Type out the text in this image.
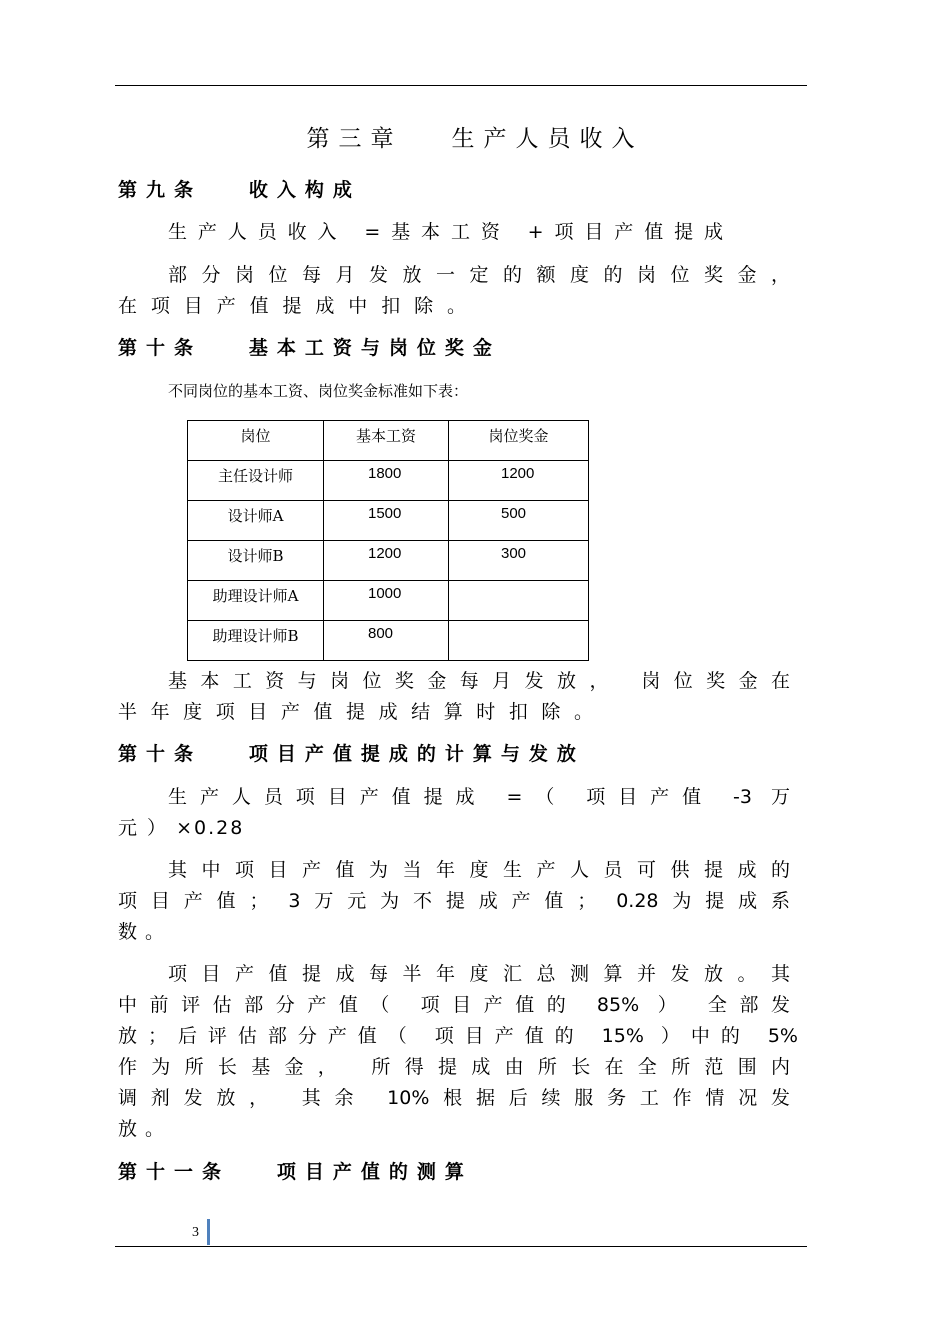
第三章   生产人员收入
第九条   收入构成
生产人员收入 =基本工资 +项目产值提成
部分岗位每月发放一定的额度的岗位奖金，
在项目产值提成中扣除。
第十条   基本工资与岗位奖金
不同岗位的基本工资、岗位奖金标准如下表：
岗位	基本工资	岗位奖金
主任设计师	1800	1200
设计师A	1500	500
设计师B	1200	300
助理设计师A	1000	
助理设计师B	800	
基本工资与岗位奖金每月发放， 岗位奖金在
半年度项目产值提成结算时扣除。
第十条   项目产值提成的计算与发放
生产人员项目产值提成 =（ 项目产值 -3 万
元 ） ×0.28
其中项目产值为当年度生产人员可供提成的
项目产值； 3万元为不提成产值； 0.28为提成系
数。
项目产值提成每半年度汇总测算并发放。其
中前评估部分产值（ 项目产值的 85% ） 全部发
放；后评估部分产值（ 项目产值的 15% ）中的 5%
作为所长基金， 所得提成由所长在全所范围内
调剂发放， 其余 10%根据后续服务工作情况发
放。
第十一条   项目产值的测算
3
